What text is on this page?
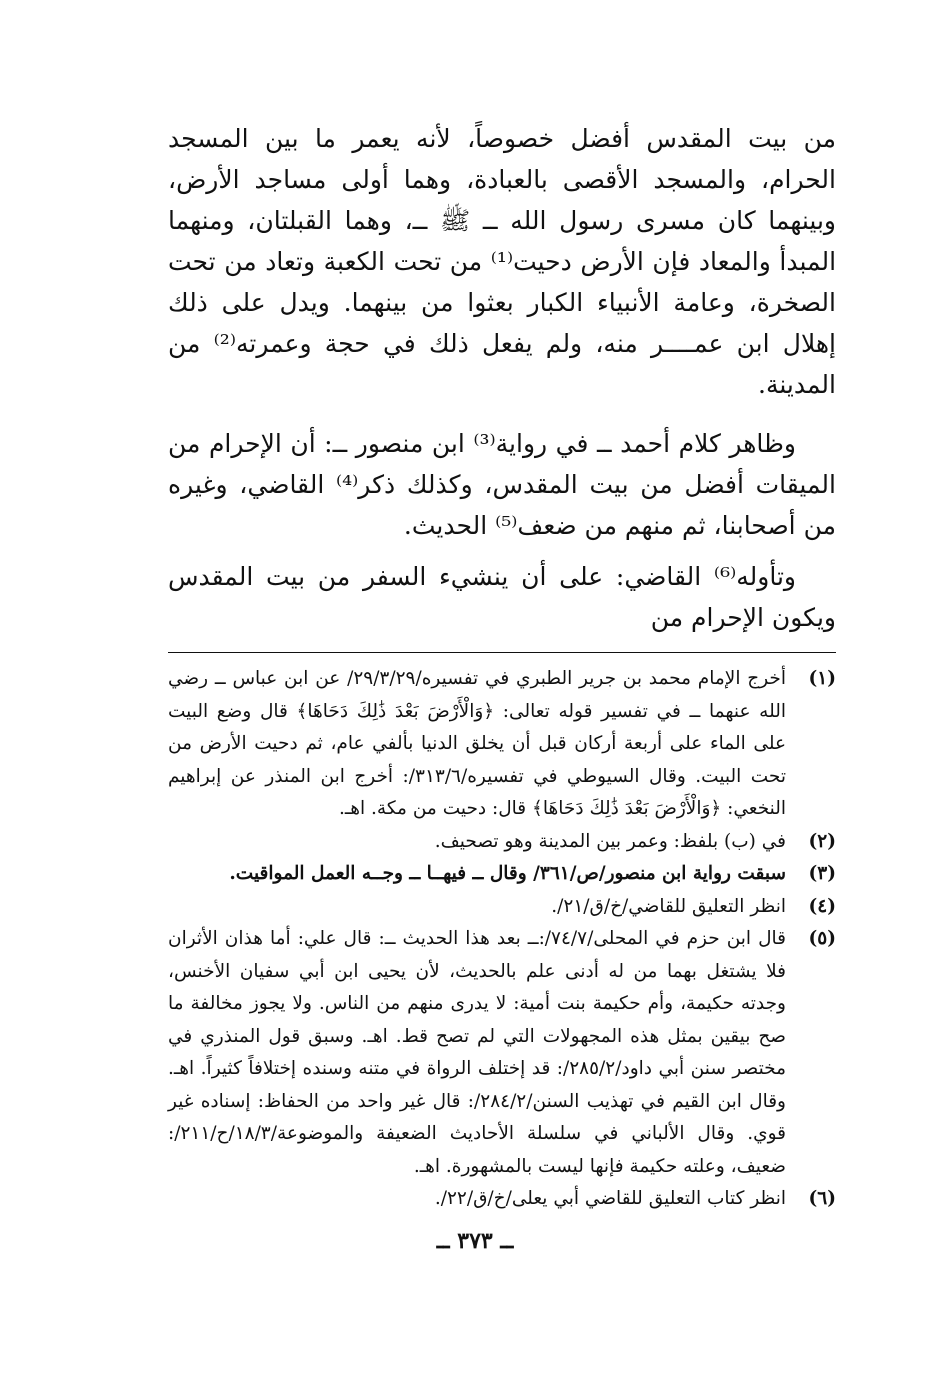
من بيت المقدس أفضل خصوصاً، لأنه يعمر ما بين المسجد الحرام، والمسجد الأقصى بالعبادة، وهما أولى مساجد الأرض، وبينهما كان مسرى رسول الله ــ ﷺ ــ، وهما القبلتان، ومنهما المبدأ والمعاد فإن الأرض دحيت⁽¹⁾ من تحت الكعبة وتعاد من تحت الصخرة، وعامة الأنبياء الكبار بعثوا من بينهما. ويدل على ذلك إهلال ابن عمــــر منه، ولم يفعل ذلك في حجة وعمرته⁽²⁾ من المدينة.

وظاهر كلام أحمد ــ في رواية⁽³⁾ ابن منصور ــ: أن الإحرام من الميقات أفضل من بيت المقدس، وكذلك ذكر⁽⁴⁾ القاضي، وغيره من أصحابنا، ثم منهم من ضعف⁽⁵⁾ الحديث.

وتأوله⁽⁶⁾ القاضي: على أن ينشيء السفر من بيت المقدس ويكون الإحرام من

(١)
أخرج الإمام محمد بن جرير الطبري في تفسيره/٢٩/٣/٢٩/ عن ابن عباس ــ رضي الله عنهما ــ في تفسير قوله تعالى: ﴿وَالْأَرْضَ بَعْدَ ذَٰلِكَ دَحَاهَا﴾ قال وضع البيت على الماء على أربعة أركان قبل أن يخلق الدنيا بألفي عام، ثم دحيت الأرض من تحت البيت. وقال السيوطي في تفسيره/٣١٣/٦/: أخرج ابن المنذر عن إبراهيم النخعي: ﴿وَالْأَرْضَ بَعْدَ ذَٰلِكَ دَحَاهَا﴾ قال: دحيت من مكة. اهـ.
(٢)
في (ب) بلفظ: وعمر بين المدينة وهو تصحيف.
(٣)
سبقت رواية ابن منصور/ص/٣٦١/ وقال ــ فيهــا ــ وجــه العمل المواقيت.
(٤)
انظر التعليق للقاضي/خ/ق/٢١/.
(٥)
قال ابن حزم في المحلى/٧٤/٧/:ــ بعد هذا الحديث ــ: قال علي: أما هذان الأثران فلا يشتغل بهما من له أدنى علم بالحديث، لأن يحيى ابن أبي سفيان الأخنس، وجدته حكيمة، وأم حكيمة بنت أمية: لا يدرى منهم من الناس. ولا يجوز مخالفة ما صح بيقين بمثل هذه المجهولات التي لم تصح قط. اهـ. وسبق قول المنذري في مختصر سنن أبي داود/٢٨٥/٢/: قد إختلف الرواة في متنه وسنده إختلافاً كثيراً. اهـ. وقال ابن القيم في تهذيب السنن/٢٨٤/٢/: قال غير واحد من الحفاظ: إسناده غير قوي. وقال الألباني في سلسلة الأحاديث الضعيفة والموضوعة/١٨/٣/ح/٢١١/: ضعيف، وعلته حكيمة فإنها ليست بالمشهورة. اهـ.
(٦)
انظر كتاب التعليق للقاضي أبي يعلى/خ/ق/٢٢/.
ــ ٣٧٣ ــ
